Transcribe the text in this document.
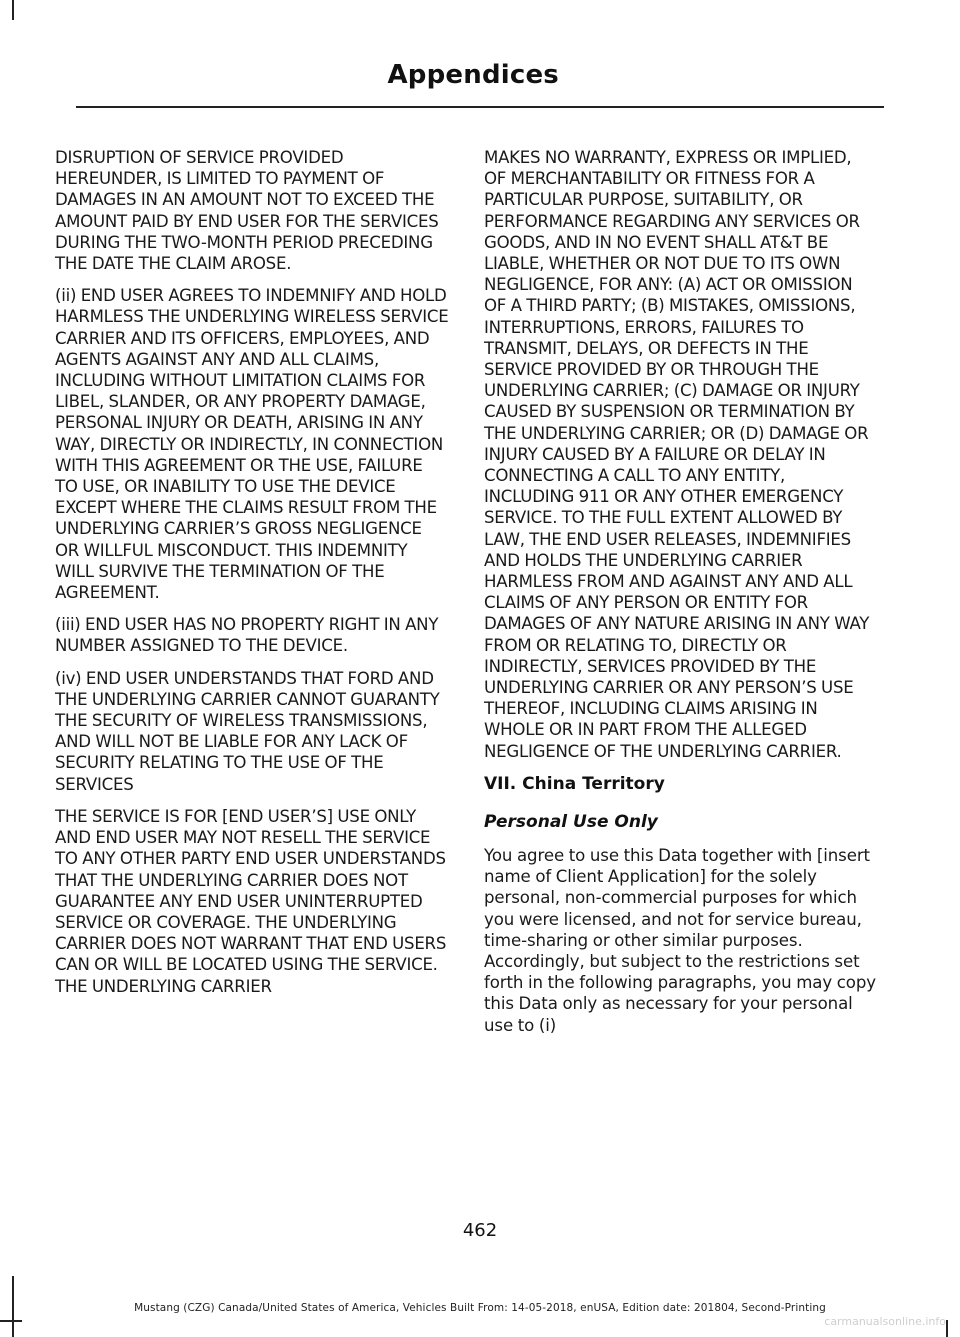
Appendices

DISRUPTION OF SERVICE PROVIDED HEREUNDER, IS LIMITED TO PAYMENT OF DAMAGES IN AN AMOUNT NOT TO EXCEED THE AMOUNT PAID BY END USER FOR THE SERVICES DURING THE TWO-MONTH PERIOD PRECEDING THE DATE THE CLAIM AROSE.

(ii) END USER AGREES TO INDEMNIFY AND HOLD HARMLESS THE UNDERLYING WIRELESS SERVICE CARRIER AND ITS OFFICERS, EMPLOYEES, AND AGENTS AGAINST ANY AND ALL CLAIMS, INCLUDING WITHOUT LIMITATION CLAIMS FOR LIBEL, SLANDER, OR ANY PROPERTY DAMAGE, PERSONAL INJURY OR DEATH, ARISING IN ANY WAY, DIRECTLY OR INDIRECTLY, IN CONNECTION WITH THIS AGREEMENT OR THE USE, FAILURE TO USE, OR INABILITY TO USE THE DEVICE EXCEPT WHERE THE CLAIMS RESULT FROM THE UNDERLYING CARRIER’S GROSS NEGLIGENCE OR WILLFUL MISCONDUCT. THIS INDEMNITY WILL SURVIVE THE TERMINATION OF THE AGREEMENT.

(iii) END USER HAS NO PROPERTY RIGHT IN ANY NUMBER ASSIGNED TO THE DEVICE.

(iv) END USER UNDERSTANDS THAT FORD AND THE UNDERLYING CARRIER CANNOT GUARANTY THE SECURITY OF WIRELESS TRANSMISSIONS, AND WILL NOT BE LIABLE FOR ANY LACK OF SECURITY RELATING TO THE USE OF THE SERVICES

THE SERVICE IS FOR [END USER’S] USE ONLY AND END USER MAY NOT RESELL THE SERVICE TO ANY OTHER PARTY END USER UNDERSTANDS THAT THE UNDERLYING CARRIER DOES NOT GUARANTEE ANY END USER UNINTERRUPTED SERVICE OR COVERAGE. THE UNDERLYING CARRIER DOES NOT WARRANT THAT END USERS CAN OR WILL BE LOCATED USING THE SERVICE. THE UNDERLYING CARRIER

MAKES NO WARRANTY, EXPRESS OR IMPLIED, OF MERCHANTABILITY OR FITNESS FOR A PARTICULAR PURPOSE, SUITABILITY, OR PERFORMANCE REGARDING ANY SERVICES OR GOODS, AND IN NO EVENT SHALL AT&T BE LIABLE, WHETHER OR NOT DUE TO ITS OWN NEGLIGENCE, FOR ANY: (A) ACT OR OMISSION OF A THIRD PARTY; (B) MISTAKES, OMISSIONS, INTERRUPTIONS, ERRORS, FAILURES TO TRANSMIT, DELAYS, OR DEFECTS IN THE SERVICE PROVIDED BY OR THROUGH THE UNDERLYING CARRIER; (C) DAMAGE OR INJURY CAUSED BY SUSPENSION OR TERMINATION BY THE UNDERLYING CARRIER; OR (D) DAMAGE OR INJURY CAUSED BY A FAILURE OR DELAY IN CONNECTING A CALL TO ANY ENTITY, INCLUDING 911 OR ANY OTHER EMERGENCY SERVICE. TO THE FULL EXTENT ALLOWED BY LAW, THE END USER RELEASES, INDEMNIFIES AND HOLDS THE UNDERLYING CARRIER HARMLESS FROM AND AGAINST ANY AND ALL CLAIMS OF ANY PERSON OR ENTITY FOR DAMAGES OF ANY NATURE ARISING IN ANY WAY FROM OR RELATING TO, DIRECTLY OR INDIRECTLY, SERVICES PROVIDED BY THE UNDERLYING CARRIER OR ANY PERSON’S USE THEREOF, INCLUDING CLAIMS ARISING IN WHOLE OR IN PART FROM THE ALLEGED NEGLIGENCE OF THE UNDERLYING CARRIER.

VII. China Territory

Personal Use Only

You agree to use this Data together with [insert name of Client Application] for the solely personal, non-commercial purposes for which you were licensed, and not for service bureau, time-sharing or other similar purposes. Accordingly, but subject to the restrictions set forth in the following paragraphs, you may copy this Data only as necessary for your personal use to (i)

462
Mustang (CZG) Canada/United States of America, Vehicles Built From: 14-05-2018, enUSA, Edition date: 201804, Second-Printing
carmanualsonline.info
